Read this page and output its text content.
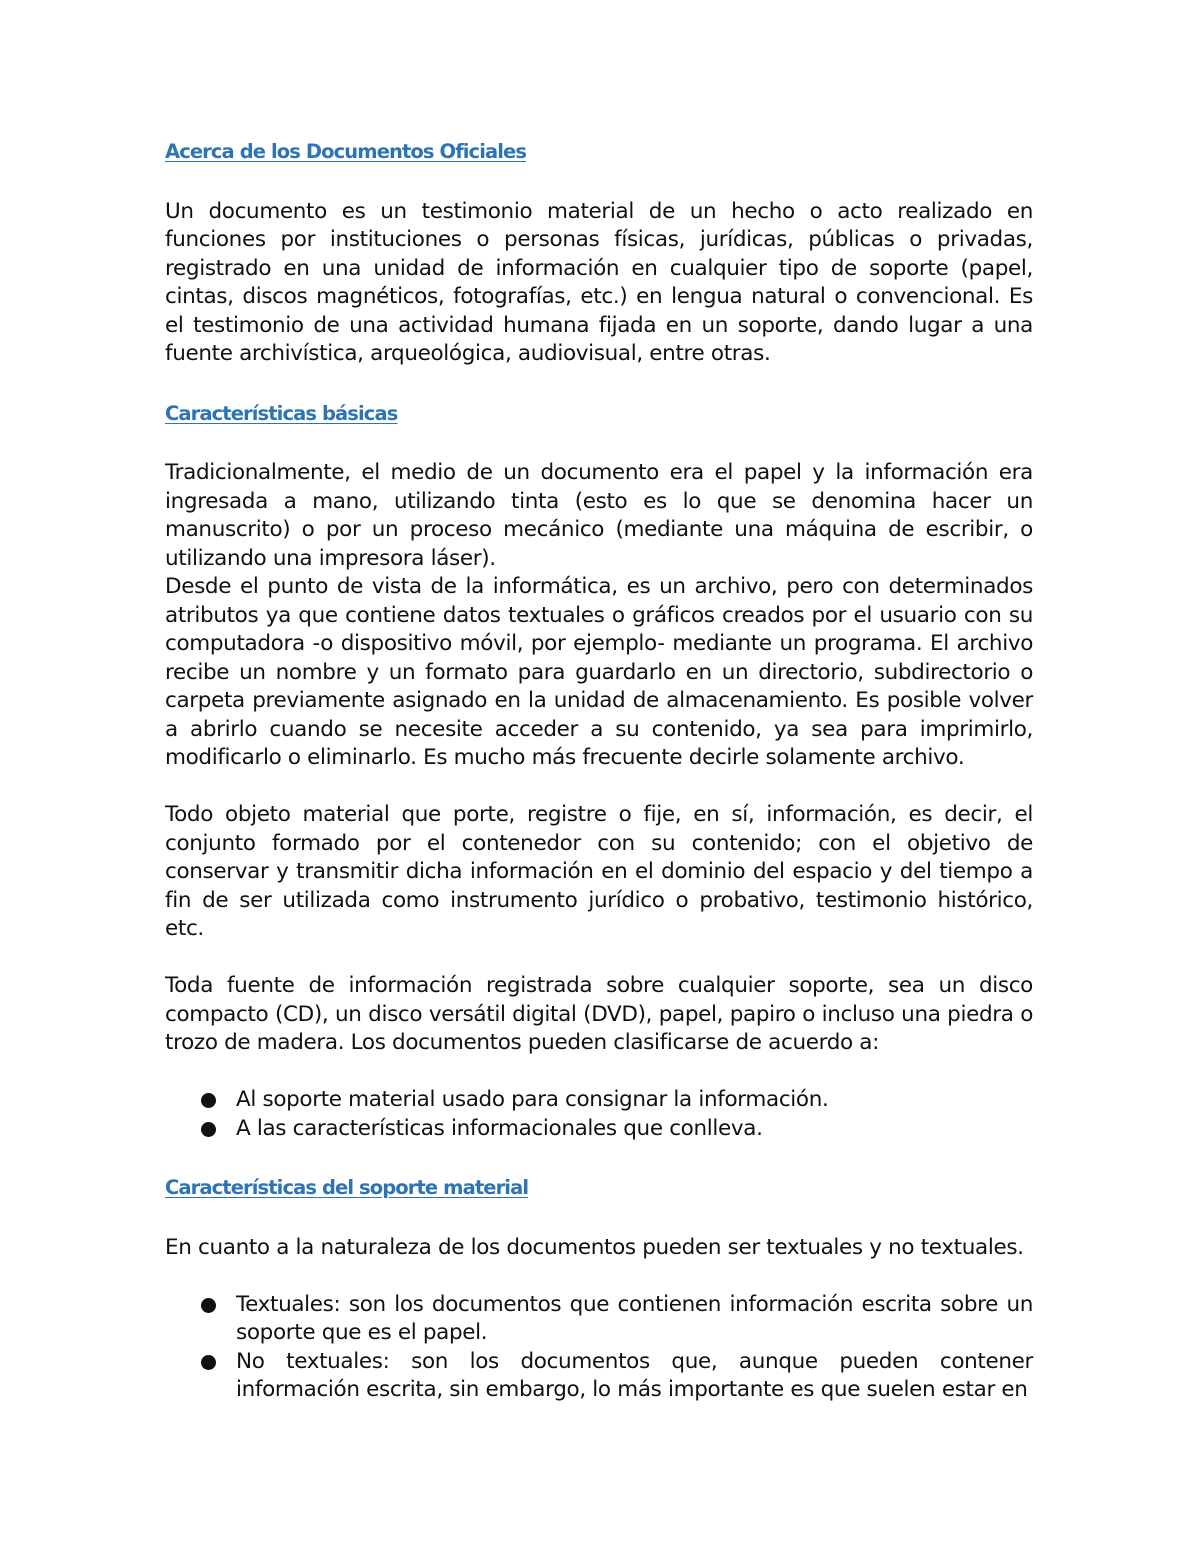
Acerca de los Documentos Oficiales

Un documento es un testimonio material de un hecho o acto realizado en funciones por instituciones o personas físicas, jurídicas, públicas o privadas, registrado en una unidad de información en cualquier tipo de soporte (papel, cintas, discos magnéticos, fotografías, etc.) en lengua natural o convencional. Es el testimonio de una actividad humana fijada en un soporte, dando lugar a una fuente archivística, arqueológica, audiovisual, entre otras.

Características básicas

Tradicionalmente, el medio de un documento era el papel y la información era ingresada a mano, utilizando tinta (esto es lo que se denomina hacer un manuscrito) o por un proceso mecánico (mediante una máquina de escribir, o utilizando una impresora láser).

Desde el punto de vista de la informática, es un archivo, pero con determinados atributos ya que contiene datos textuales o gráficos creados por el usuario con su computadora -o dispositivo móvil, por ejemplo- mediante un programa. El archivo recibe un nombre y un formato para guardarlo en un directorio, subdirectorio o carpeta previamente asignado en la unidad de almacenamiento. Es posible volver a abrirlo cuando se necesite acceder a su contenido, ya sea para imprimirlo, modificarlo o eliminarlo. Es mucho más frecuente decirle solamente archivo.

Todo objeto material que porte, registre o fije, en sí, información, es decir, el conjunto formado por el contenedor con su contenido; con el objetivo de conservar y transmitir dicha información en el dominio del espacio y del tiempo a fin de ser utilizada como instrumento jurídico o probativo, testimonio histórico, etc.

Toda fuente de información registrada sobre cualquier soporte, sea un disco compacto (CD), un disco versátil digital (DVD), papel, papiro o incluso una piedra o trozo de madera. Los documentos pueden clasificarse de acuerdo a:

Al soporte material usado para consignar la información.
A las características informacionales que conlleva.
Características del soporte material

En cuanto a la naturaleza de los documentos pueden ser textuales y no textuales.

Textuales: son los documentos que contienen información escrita sobre un soporte que es el papel.
No textuales: son los documentos que, aunque pueden contener información escrita, sin embargo, lo más importante es que suelen estar en
